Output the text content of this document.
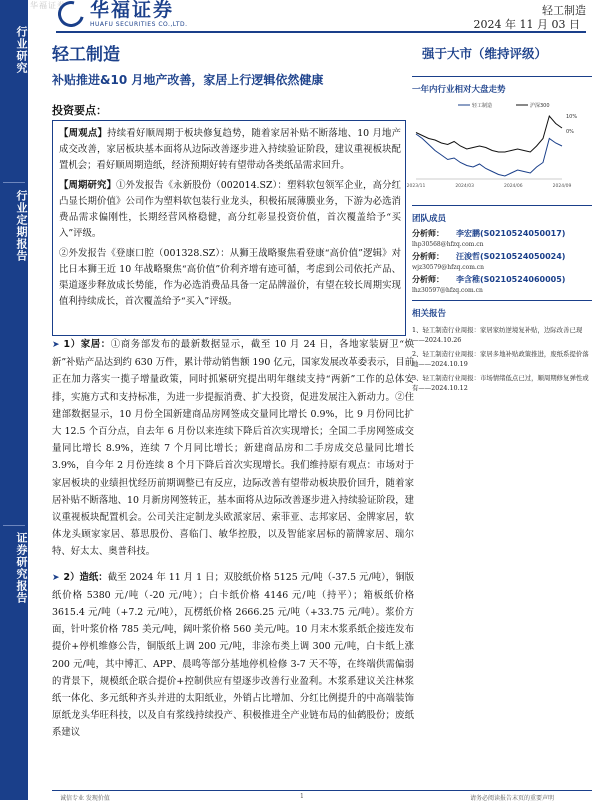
行业研究
行业定期报告
证券研究报告
华福证券 华福证券
HUAFU SECURITIES CO.,LTD.
轻工制造
2024 年 11 月 03 日
轻工制造
补贴推进&10 月地产改善，家居上行逻辑依然健康
投资要点：

【周观点】持续看好顺周期于板块修复趋势，随着家居补贴不断落地、10 月地产成交改善，家居板块基本面将从边际改善逐步进入持续验证阶段，建议重视板块配置机会；看好顺周期造纸，经济预期好转有望带动各类纸品需求回升。

【周期研究】①外发报告《永新股份（002014.SZ）：塑料软包领军企业，高分红凸显长期价值》公司作为塑料软包装行业龙头，积极拓展薄膜业务，下游为必选消费品需求偏刚性，长期经营风格稳健，高分红彰显投资价值，首次覆盖给予“买入”评级。

②外发报告《登康口腔（001328.SZ）：从狮王战略聚焦看登康“高价值”逻辑》对比日本狮王近 10 年战略聚焦“高价值”价利齐增有迹可循，考虑到公司依托产品、渠道逐步释放成长势能，作为必选消费品具备一定品牌溢价，有望在较长周期实现值利持续成长，首次覆盖给予“买入”评级。

➤ 1）家居：①商务部发布的最新数据显示，截至 10 月 24 日，各地家装厨卫“焕新”补贴产品达到约 630 万件，累计带动销售额 190 亿元，国家发展改革委表示，目前正在加力落实一揽子增量政策，同时抓紧研究提出明年继续支持“两新”工作的总体安排，实施方式和支持标准，为进一步提振消费、扩大投资，促进发展注入新动力。②住建部数据显示，10 月份全国新建商品房网签成交量同比增长 0.9%，比 9 月份同比扩大 12.5 个百分点，自去年 6 月份以来连续下降后首次实现增长；全国二手房网签成交量同比增长 8.9%，连续 7 个月同比增长；新建商品房和二手房成交总量同比增长 3.9%，自今年 2 月份连续 8 个月下降后首次实现增长。我们维持原有观点：市场对于家居板块的业绩担忧经历前期调整已有反应，边际改善有望带动板块股价回升，随着家居补贴不断落地、10 月新房网签转正，基本面将从边际改善逐步进入持续验证阶段，建议重视板块配置机会。公司关注定制龙头欧派家居、索菲亚、志邦家居、金牌家居，软体龙头顾家家居、慕思股份、喜临门、敏华控股，以及智能家居标的箭牌家居、瑞尔特、好太太、奥普科技。

➤ 2）造纸：截至 2024 年 11 月 1 日；双胶纸价格 5125 元/吨（-37.5 元/吨），铜版纸价格 5380 元/吨（-20 元/吨）；白卡纸价格 4146 元/吨（持平）；箱板纸价格 3615.4 元/吨（+7.2 元/吨），瓦楞纸价格 2666.25 元/吨（+33.75 元/吨）。浆价方面，针叶浆价格 785 美元/吨，阔叶浆价格 560 美元/吨。10 月末木浆系纸企接连发布提价+停机维修公告，铜版纸上调 200 元/吨，非涂布类上调 300 元/吨，白卡纸上涨 200 元/吨，其中博汇、APP、晨鸣等部分基地停机检修 3-7 天不等，在终端供需偏弱的背景下，规模纸企联合提价+控制供应有望逐步改善行业盈利。木浆系建议关注林浆纸一体化、多元纸种齐头并进的太阳纸业，外销占比增加、分红比例提升的中高端装饰原纸龙头华旺科技，以及自有浆线持续投产、积极推进全产业链布局的仙鹤股份；废纸系建议

强于大市（维持评级）
一年内行业相对大盘走势
轻工制造	沪深300
10%
0%
2023/11	2024/03	2024/06	2024/09
团队成员
分析师：	李宏鹏(S0210524050017)
lhp30568@hfzq.com.cn
分析师：	汪浚哲(S0210524050024)
wjz30579@hfzq.com.cn
分析师：	李含稚(S0210524060005)
lhz30597@hfzq.com.cn
相关报告
1、轻工制造行业周报：家居家纺逆境复补贴，边际改善已现——2024.10.26
2、轻工制造行业周报：家居多地补贴政策推进，废纸系提价落地——2024.10.19
3、轻工制造行业周报：市场情绪低点已过，顺周期修复弹性或有——2024.10.12
诚信专业 发现价值	1	请务必阅读报告末页的重要声明
